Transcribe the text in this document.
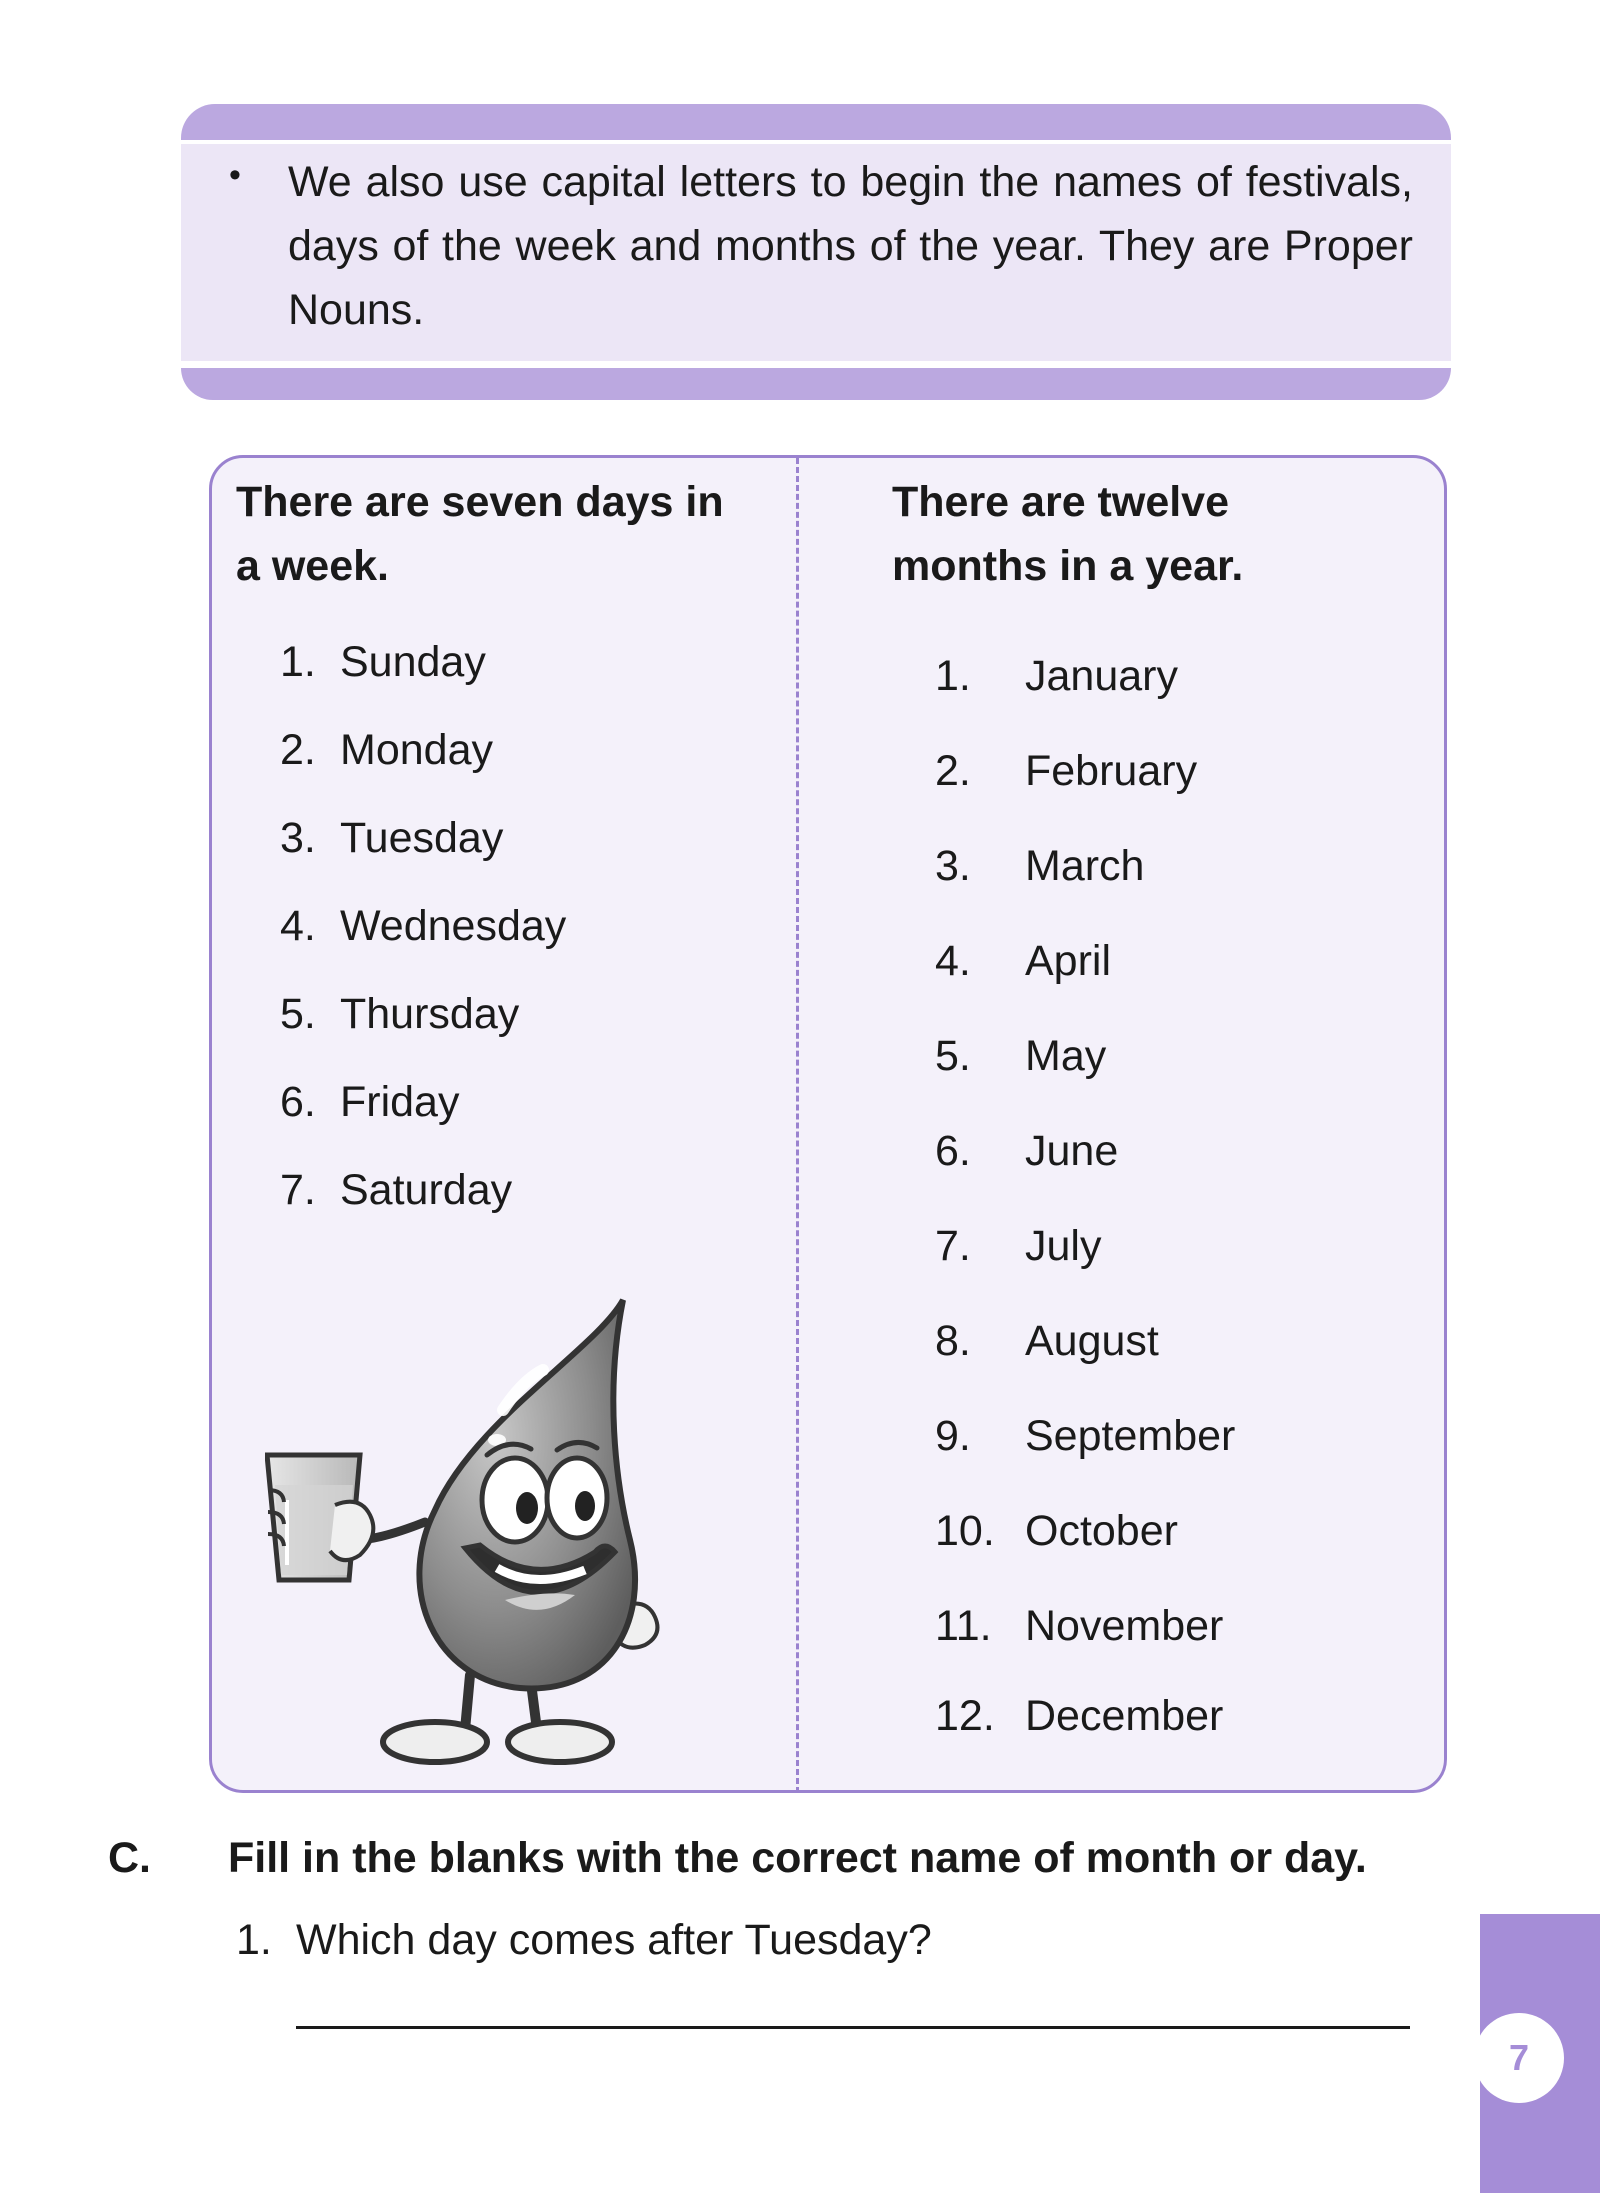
• We also use capital letters to begin the names of festivals, days of the week and months of the year. They are Proper Nouns.

There are seven days in
a week.
There are twelve
months in a year.
1. Sunday
2. Monday
3. Tuesday
4. Wednesday
5. Thursday
6. Friday
7. Saturday
1. January
2. February
3. March
4. April
5. May
6. June
7. July
8. August
9. September
10. October
11. November
12. December
C. Fill in the blanks with the correct name of month or day.
1. Which day comes after Tuesday?
7
